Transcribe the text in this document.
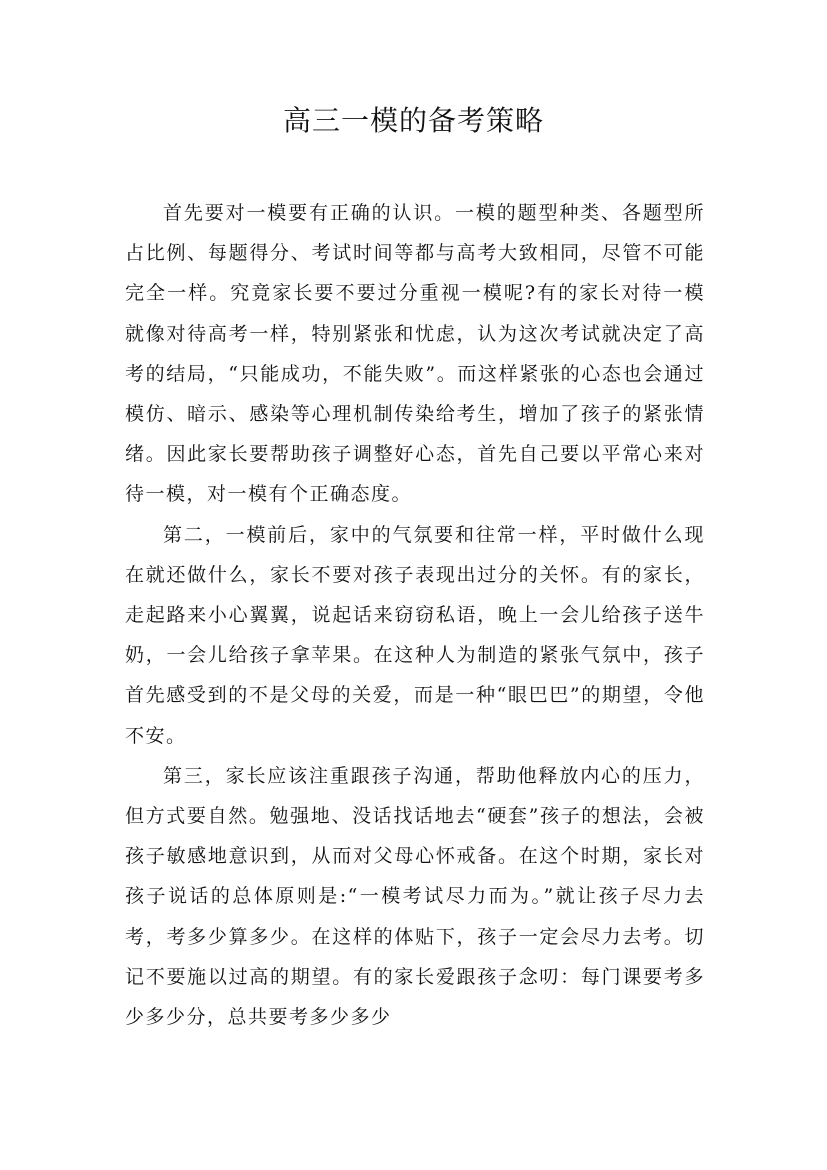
高三一模的备考策略

首先要对一模要有正确的认识。一模的题型种类、各题型所占比例、每题得分、考试时间等都与高考大致相同，尽管不可能完全一样。究竟家长要不要过分重视一模呢?有的家长对待一模就像对待高考一样，特别紧张和忧虑，认为这次考试就决定了高考的结局，“只能成功，不能失败”。而这样紧张的心态也会通过模仿、暗示、感染等心理机制传染给考生，增加了孩子的紧张情绪。因此家长要帮助孩子调整好心态，首先自己要以平常心来对待一模，对一模有个正确态度。

第二，一模前后，家中的气氛要和往常一样，平时做什么现在就还做什么，家长不要对孩子表现出过分的关怀。有的家长，走起路来小心翼翼，说起话来窃窃私语，晚上一会儿给孩子送牛奶，一会儿给孩子拿苹果。在这种人为制造的紧张气氛中，孩子首先感受到的不是父母的关爱，而是一种“眼巴巴”的期望，令他不安。

第三，家长应该注重跟孩子沟通，帮助他释放内心的压力，但方式要自然。勉强地、没话找话地去“硬套”孩子的想法，会被孩子敏感地意识到，从而对父母心怀戒备。在这个时期，家长对孩子说话的总体原则是:“一模考试尽力而为。”就让孩子尽力去考，考多少算多少。在这样的体贴下，孩子一定会尽力去考。切记不要施以过高的期望。有的家长爱跟孩子念叨：每门课要考多少多少分，总共要考多少多少
